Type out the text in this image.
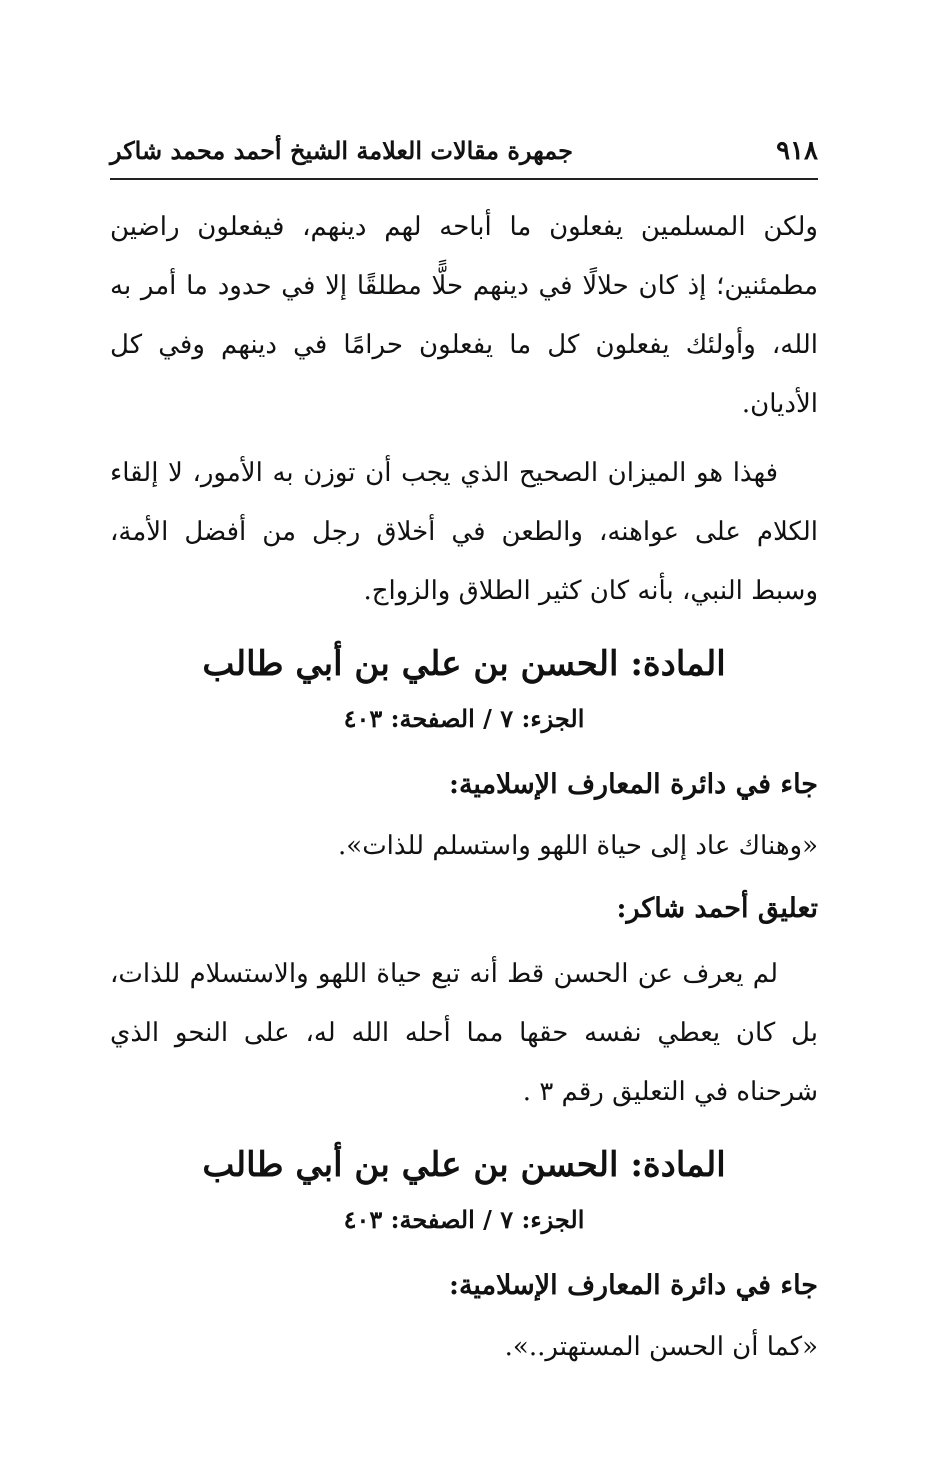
٩١٨
جمهرة مقالات العلامة الشيخ أحمد محمد شاكر

ولكن المسلمين يفعلون ما أباحه لهم دينهم، فيفعلون راضين مطمئنين؛ إذ كان حلالًا في دينهم حلًّا مطلقًا إلا في حدود ما أمر به الله، وأولئك يفعلون كل ما يفعلون حرامًا في دينهم وفي كل الأديان.

فهذا هو الميزان الصحيح الذي يجب أن توزن به الأمور، لا إلقاء الكلام على عواهنه، والطعن في أخلاق رجل من أفضل الأمة، وسبط النبي، بأنه كان كثير الطلاق والزواج.

المادة: الحسن بن علي بن أبي طالب
الجزء: ٧ / الصفحة: ٤٠٣
جاء في دائرة المعارف الإسلامية:
«وهناك عاد إلى حياة اللهو واستسلم للذات».
تعليق أحمد شاكر:

لم يعرف عن الحسن قط أنه تبع حياة اللهو والاستسلام للذات، بل كان يعطي نفسه حقها مما أحله الله له، على النحو الذي شرحناه في التعليق رقم ٣ .

المادة: الحسن بن علي بن أبي طالب
الجزء: ٧ / الصفحة: ٤٠٣
جاء في دائرة المعارف الإسلامية:
«كما أن الحسن المستهتر..».
